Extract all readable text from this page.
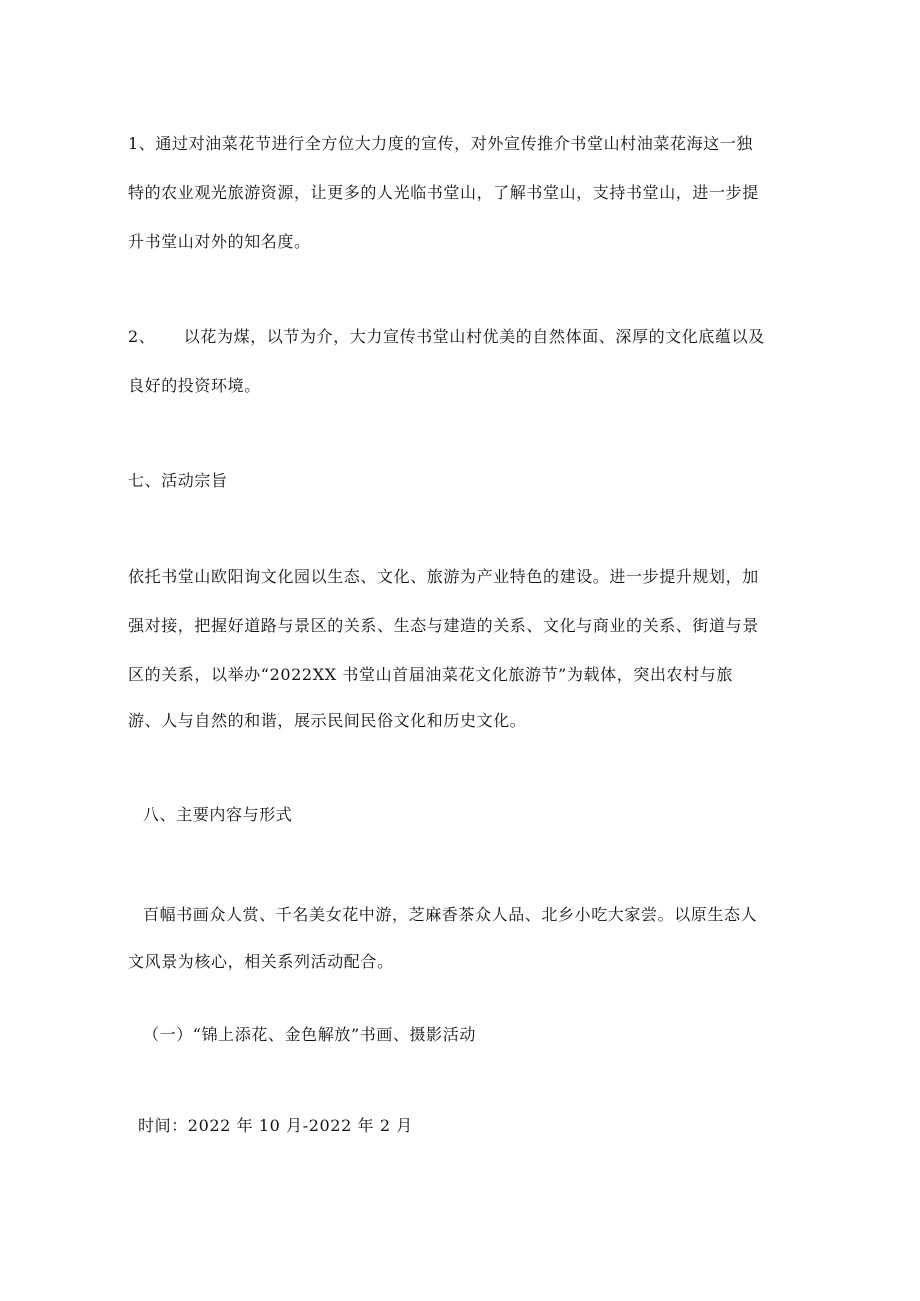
1、通过对油菜花节进行全方位大力度的宣传，对外宣传推介书堂山村油菜花海这一独
特的农业观光旅游资源，让更多的人光临书堂山，了解书堂山，支持书堂山，进一步提
升书堂山对外的知名度。
2、     以花为煤，以节为介，大力宣传书堂山村优美的自然体面、深厚的文化底蕴以及
良好的投资环境。
七、活动宗旨
依托书堂山欧阳询文化园以生态、文化、旅游为产业特色的建设。进一步提升规划，加
强对接，把握好道路与景区的关系、生态与建造的关系、文化与商业的关系、街道与景
区的关系，以举办“2022XX 书堂山首届油菜花文化旅游节”为载体，突出农村与旅
游、人与自然的和谐，展示民间民俗文化和历史文化。
八、主要内容与形式
百幅书画众人赏、千名美女花中游，芝麻香茶众人品、北乡小吃大家尝。以原生态人
文风景为核心，相关系列活动配合。
（一）“锦上添花、金色解放”书画、摄影活动
时间：2022 年 10 月-2022 年 2 月
